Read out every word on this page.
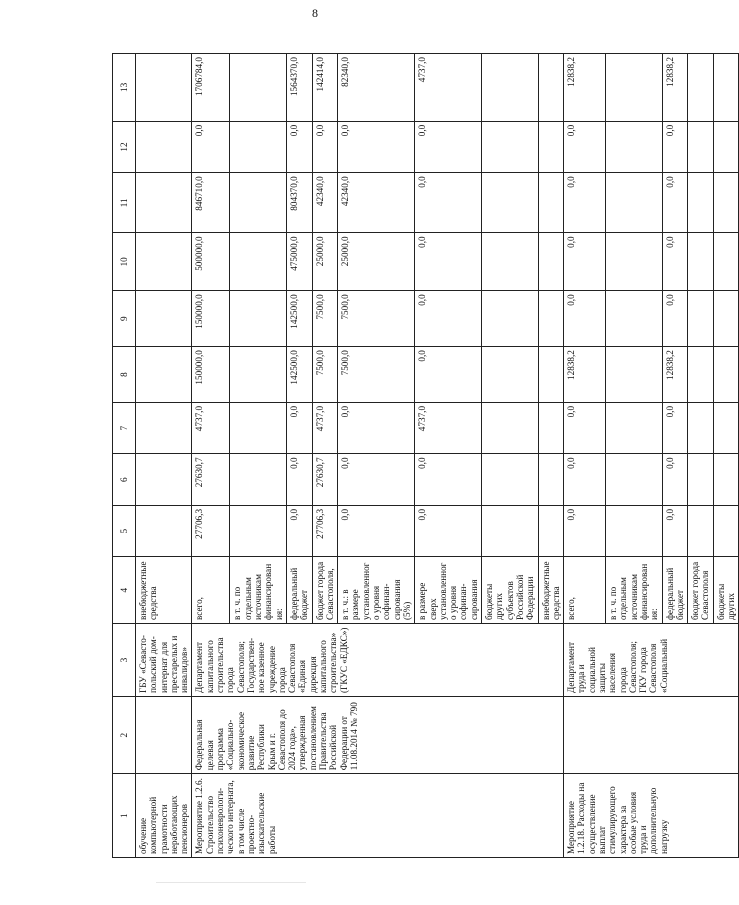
8
1	2	3	4	5	6	7	8	9	10	11	12	13
обучение компьютерной грамотности неработающих пенсионеров		ГБУ «Севасто-польский дом-интернат для престарелых и инвалидов»	внебюджетные средства									
Мероприятие 1.2.6. Строительство психоневрологи-ческого интерната, в том числе проектно-изыскательские работы	Федеральная целевая программа «Социально-экономическое развитие Республики Крым и г. Севастополя до 2024 года», утвержденная постановлением Правительства Российской Федерации от 11.08.2014 № 790	Департамент капитального строительства города Севастополя; Государствен-ное казенное учреждение города Севастополя «Единая дирекция капитального строительства» (ГКУС «ЕДКС»)	всего,	27706,3	27630,7	4737,0	150000,0	150000,0	500000,0	846710,0	0,0	1706784,0
			в т. ч. по отдельным источникам финансирования:									
			федеральный бюджет	0,0	0,0	0,0	142500,0	142500,0	475000,0	804370,0	0,0	1564370,0
			бюджет города Севастополя,	27706,3	27630,7	4737,0	7500,0	7500,0	25000,0	42340,0	0,0	142414,0
			в т. ч.: в размере установленного уровня софинан-сирования (5%)	0,0	0,0	0,0	7500,0	7500,0	25000,0	42340,0	0,0	82340,0
			в размере сверх установленного уровня софинан-сирования	0,0	0,0	4737,0	0,0	0,0	0,0	0,0	0,0	4737,0
			бюджеты других субъектов Российской Федерации									
			внебюджетные средства									
Мероприятие 1.2.18. Расходы на осуществление выплат стимулирующего характера за особые условия труда и дополнительную нагрузку		Департамент труда и социальной защиты населения города Севастополя; ГКУ города Севастополя «Социальный	всего,	0,0	0,0	0,0	12838,2	0,0	0,0	0,0	0,0	12838,2
			в т. ч. по отдельным источникам финансирования:									
			федеральный бюджет	0,0	0,0	0,0	12838,2	0,0	0,0	0,0	0,0	12838,2
			бюджет города Севастополя									
			бюджеты других									
